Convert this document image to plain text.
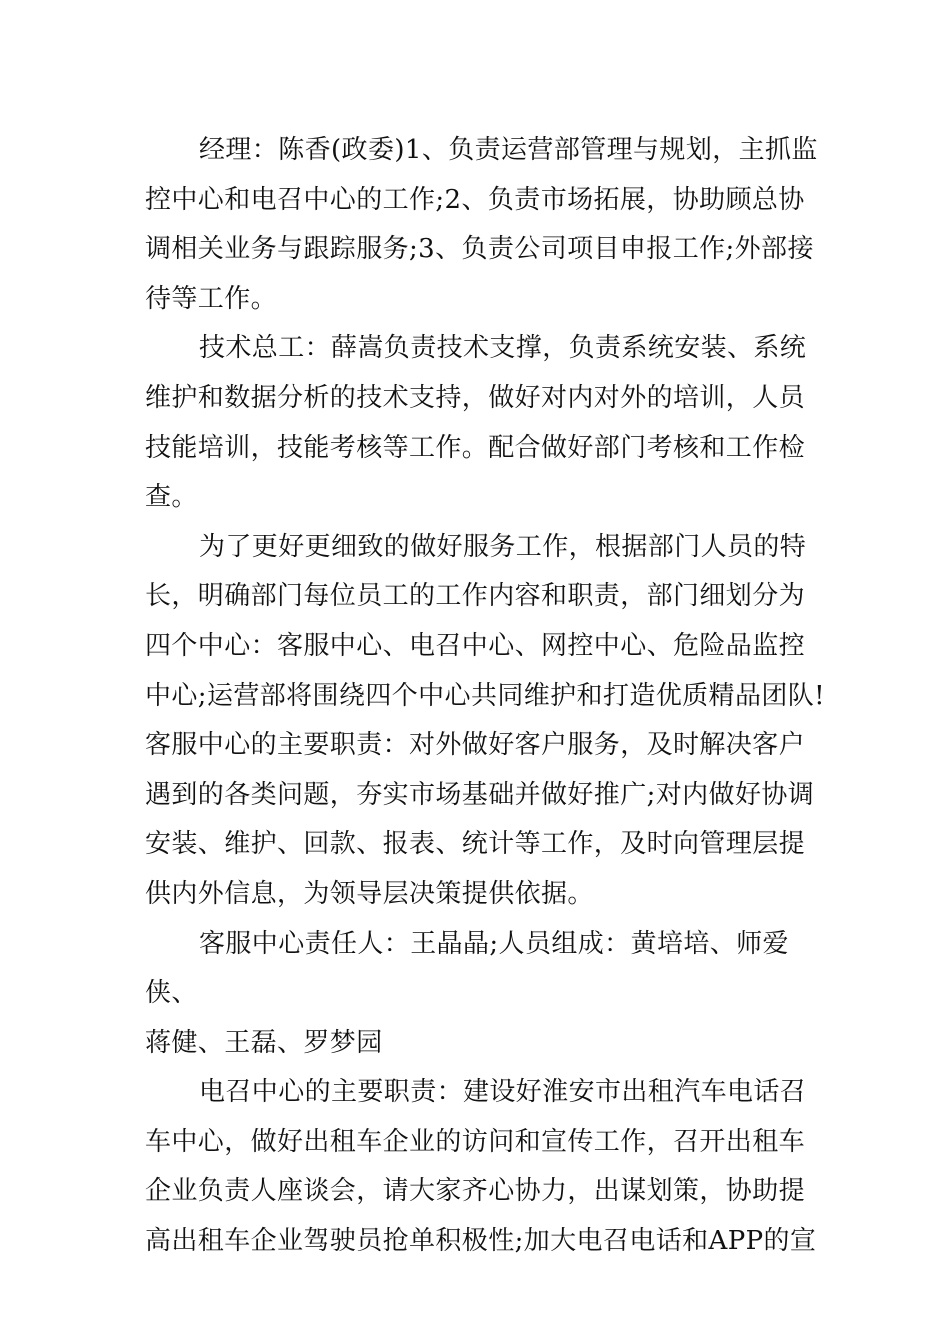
经理：陈香(政委)1、负责运营部管理与规划，主抓监
控中心和电召中心的工作;2、负责市场拓展，协助顾总协
调相关业务与跟踪服务;3、负责公司项目申报工作;外部接
待等工作。
技术总工：薛嵩负责技术支撑，负责系统安装、系统
维护和数据分析的技术支持，做好对内对外的培训，人员
技能培训，技能考核等工作。配合做好部门考核和工作检
查。
为了更好更细致的做好服务工作，根据部门人员的特
长，明确部门每位员工的工作内容和职责，部门细划分为
四个中心：客服中心、电召中心、网控中心、危险品监控
中心;运营部将围绕四个中心共同维护和打造优质精品团队!
客服中心的主要职责：对外做好客户服务，及时解决客户
遇到的各类问题，夯实市场基础并做好推广;对内做好协调
安装、维护、回款、报表、统计等工作，及时向管理层提
供内外信息，为领导层决策提供依据。
客服中心责任人：王晶晶;人员组成：黄培培、师爱侠、
蒋健、王磊、罗梦园
电召中心的主要职责：建设好淮安市出租汽车电话召
车中心，做好出租车企业的访问和宣传工作，召开出租车
企业负责人座谈会，请大家齐心协力，出谋划策，协助提
高出租车企业驾驶员抢单积极性;加大电召电话和APP的宣
